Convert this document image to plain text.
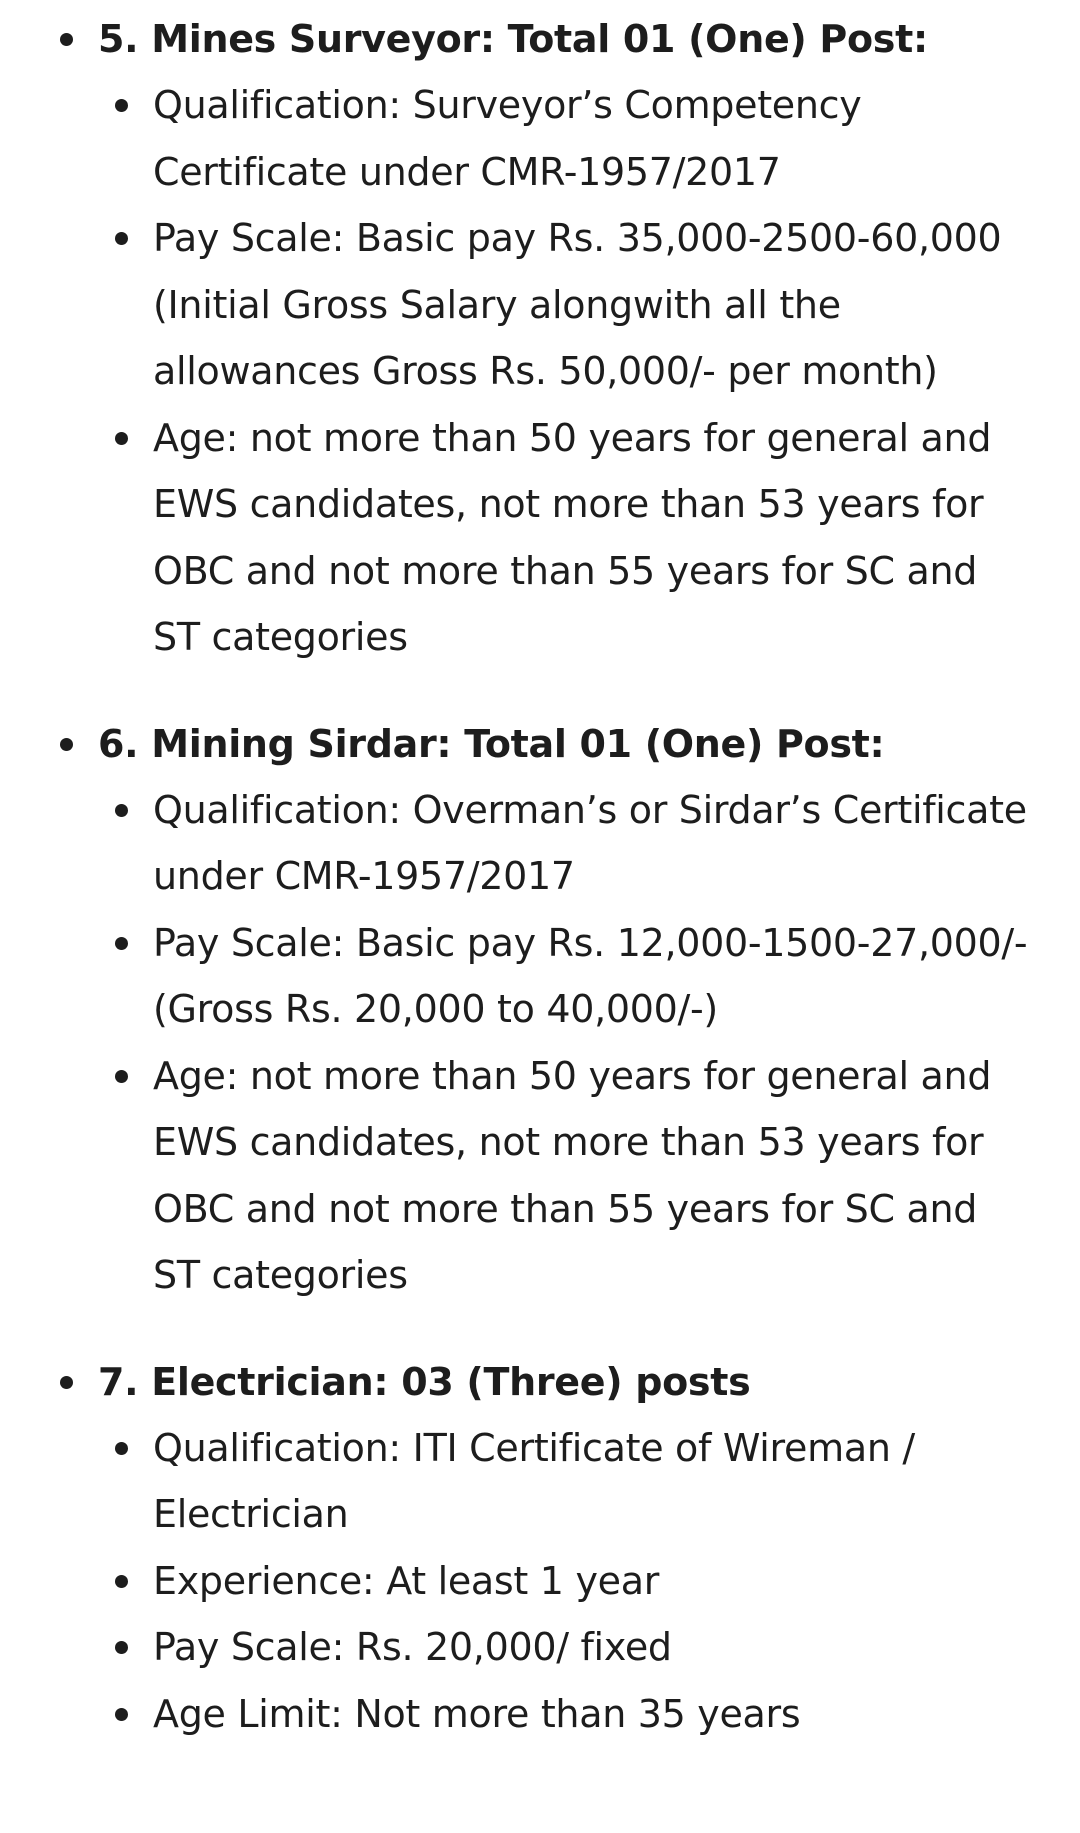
5. Mines Surveyor: Total 01 (One) Post:
Qualification: Surveyor’s Competency Certificate under CMR-1957/2017
Pay Scale: Basic pay Rs. 35,000-2500-60,000 (Initial Gross Salary alongwith all the allowances Gross Rs. 50,000/- per month)
Age: not more than 50 years for general and EWS candidates, not more than 53 years for OBC and not more than 55 years for SC and ST categories
6. Mining Sirdar: Total 01 (One) Post:
Qualification: Overman’s or Sirdar’s Certificate under CMR-1957/2017
Pay Scale: Basic pay Rs. 12,000-1500-27,000/- (Gross Rs. 20,000 to 40,000/-)
Age: not more than 50 years for general and EWS candidates, not more than 53 years for OBC and not more than 55 years for SC and ST categories
7. Electrician: 03 (Three) posts
Qualification: ITI Certificate of Wireman / Electrician
Experience: At least 1 year
Pay Scale: Rs. 20,000/ fixed
Age Limit: Not more than 35 years
